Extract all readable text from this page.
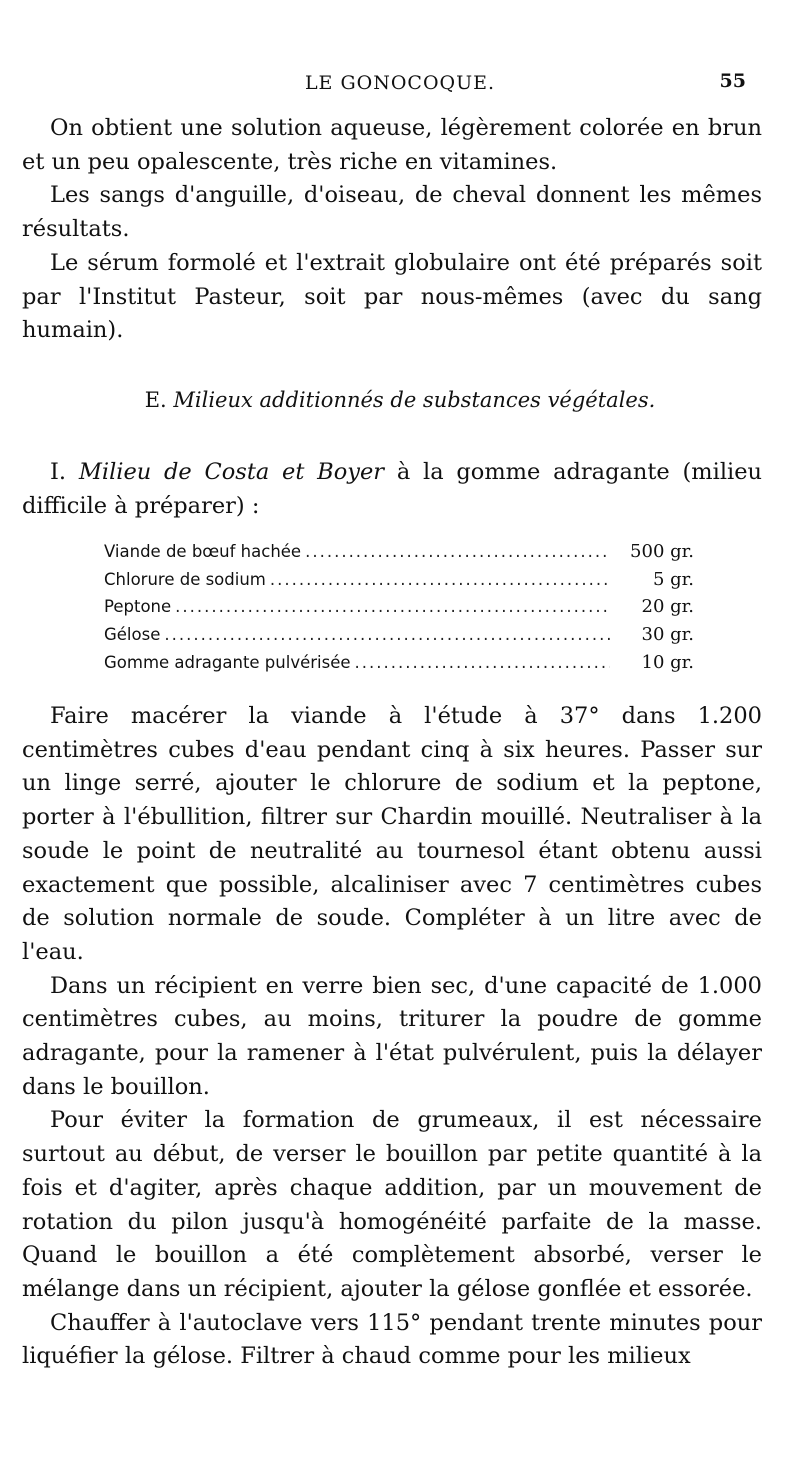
LE GONOCOQUE.	55

On obtient une solution aqueuse, légèrement colorée en brun et un peu opalescente, très riche en vitamines.

Les sangs d'anguille, d'oiseau, de cheval donnent les mêmes résultats.

Le sérum formolé et l'extrait globulaire ont été préparés soit par l'Institut Pasteur, soit par nous-mêmes (avec du sang humain).

E. Milieux additionnés de substances végétales.

I. Milieu de Costa et Boyer à la gomme adragante (milieu difficile à préparer) :

Viande de bœuf hachée .....	500 gr.
Chlorure de sodium .....	5 gr.
Peptone .....	20 gr.
Gélose .....	30 gr.
Gomme adragante pulvérisée .....	10 gr.

Faire macérer la viande à l'étude à 37° dans 1.200 centimètres cubes d'eau pendant cinq à six heures. Passer sur un linge serré, ajouter le chlorure de sodium et la peptone, porter à l'ébullition, filtrer sur Chardin mouillé. Neutraliser à la soude le point de neutralité au tournesol étant obtenu aussi exactement que possible, alcaliniser avec 7 centimètres cubes de solution normale de soude. Compléter à un litre avec de l'eau.

Dans un récipient en verre bien sec, d'une capacité de 1.000 centimètres cubes, au moins, triturer la poudre de gomme adragante, pour la ramener à l'état pulvérulent, puis la délayer dans le bouillon.

Pour éviter la formation de grumeaux, il est nécessaire surtout au début, de verser le bouillon par petite quantité à la fois et d'agiter, après chaque addition, par un mouvement de rotation du pilon jusqu'à homogénéité parfaite de la masse. Quand le bouillon a été complètement absorbé, verser le mélange dans un récipient, ajouter la gélose gonflée et essorée.

Chauffer à l'autoclave vers 115° pendant trente minutes pour liquéfier la gélose. Filtrer à chaud comme pour les milieux
